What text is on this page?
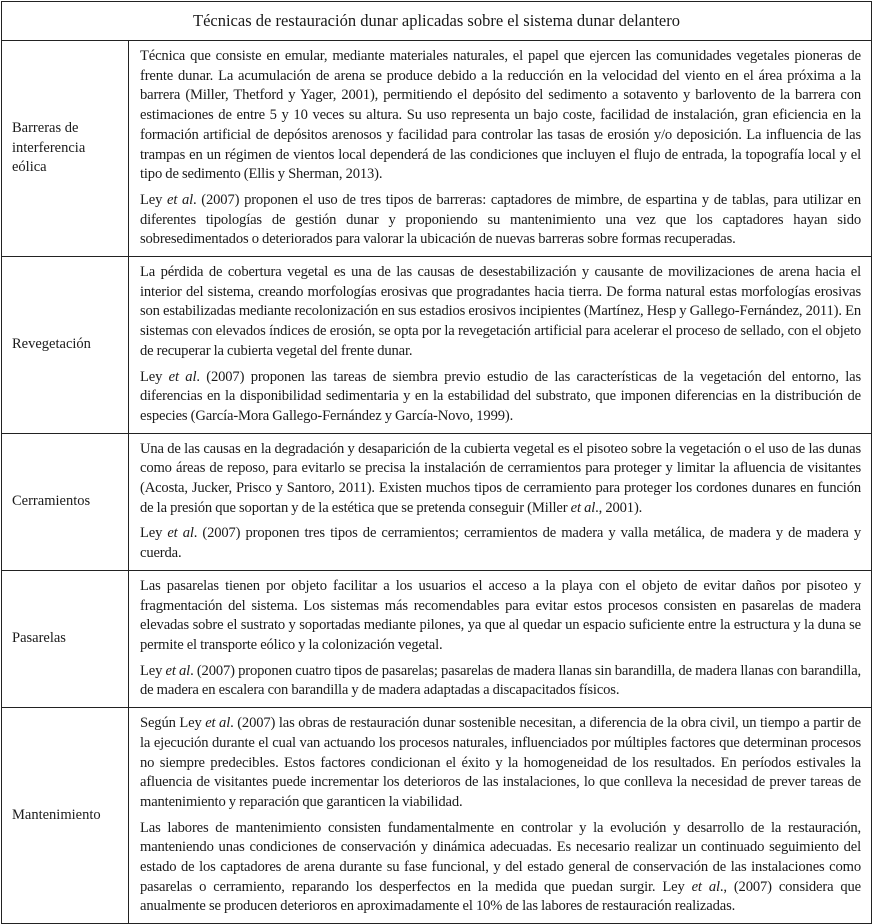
Técnicas de restauración dunar aplicadas sobre el sistema dunar delantero	
Barreras de interferencia eólica	Técnica que consiste en emular, mediante materiales naturales, el papel que ejercen las comunidades vegetales pioneras de frente dunar. La acumulación de arena se produce debido a la reducción en la velocidad del viento en el área próxima a la barrera (Miller, Thetford y Yager, 2001), permitiendo el depósito del sedimento a sotavento y barlovento de la barrera con estimaciones de entre 5 y 10 veces su altura. Su uso representa un bajo coste, facilidad de instalación, gran eficiencia en la formación artificial de depósitos arenosos y facilidad para controlar las tasas de erosión y/o deposición. La influencia de las trampas en un régimen de vientos local dependerá de las condiciones que incluyen el flujo de entrada, la topografía local y el tipo de sedimento (Ellis y Sherman, 2013).

Ley et al. (2007) proponen el uso de tres tipos de barreras: captadores de mimbre, de espartina y de tablas, para utilizar en diferentes tipologías de gestión dunar y proponiendo su mantenimiento una vez que los captadores hayan sido sobresedimentados o deteriorados para valorar la ubicación de nuevas barreras sobre formas recuperadas.

Revegetación	La pérdida de cobertura vegetal es una de las causas de desestabilización y causante de movilizaciones de arena hacia el interior del sistema, creando morfologías erosivas que progradantes hacia tierra. De forma natural estas morfologías erosivas son estabilizadas mediante recolonización en sus estadios erosivos incipientes (Martínez, Hesp y Gallego-Fernández, 2011). En sistemas con elevados índices de erosión, se opta por la revegetación artificial para acelerar el proceso de sellado, con el objeto de recuperar la cubierta vegetal del frente dunar.

Ley et al. (2007) proponen las tareas de siembra previo estudio de las características de la vegetación del entorno, las diferencias en la disponibilidad sedimentaria y en la estabilidad del substrato, que imponen diferencias en la distribución de especies (García-Mora Gallego-Fernández y García-Novo, 1999).

Cerramientos	Una de las causas en la degradación y desaparición de la cubierta vegetal es el pisoteo sobre la vegetación o el uso de las dunas como áreas de reposo, para evitarlo se precisa la instalación de cerramientos para proteger y limitar la afluencia de visitantes (Acosta, Jucker, Prisco y Santoro, 2011). Existen muchos tipos de cerramiento para proteger los cordones dunares en función de la presión que soportan y de la estética que se pretenda conseguir (Miller et al., 2001).

Ley et al. (2007) proponen tres tipos de cerramientos; cerramientos de madera y valla metálica, de madera y de madera y cuerda.

Pasarelas	Las pasarelas tienen por objeto facilitar a los usuarios el acceso a la playa con el objeto de evitar daños por pisoteo y fragmentación del sistema. Los sistemas más recomendables para evitar estos procesos consisten en pasarelas de madera elevadas sobre el sustrato y soportadas mediante pilones, ya que al quedar un espacio suficiente entre la estructura y la duna se permite el transporte eólico y la colonización vegetal.

Ley et al. (2007) proponen cuatro tipos de pasarelas; pasarelas de madera llanas sin barandilla, de madera llanas con barandilla, de madera en escalera con barandilla y de madera adaptadas a discapacitados físicos.

Mantenimiento	Según Ley et al. (2007) las obras de restauración dunar sostenible necesitan, a diferencia de la obra civil, un tiempo a partir de la ejecución durante el cual van actuando los procesos naturales, influenciados por múltiples factores que determinan procesos no siempre predecibles. Estos factores condicionan el éxito y la homogeneidad de los resultados. En períodos estivales la afluencia de visitantes puede incrementar los deterioros de las instalaciones, lo que conlleva la necesidad de prever tareas de mantenimiento y reparación que garanticen la viabilidad.

Las labores de mantenimiento consisten fundamentalmente en controlar y la evolución y desarrollo de la restauración, manteniendo unas condiciones de conservación y dinámica adecuadas. Es necesario realizar un continuado seguimiento del estado de los captadores de arena durante su fase funcional, y del estado general de conservación de las instalaciones como pasarelas o cerramiento, reparando los desperfectos en la medida que puedan surgir. Ley et al., (2007) considera que anualmente se producen deterioros en aproximadamente el 10% de las labores de restauración realizadas.
